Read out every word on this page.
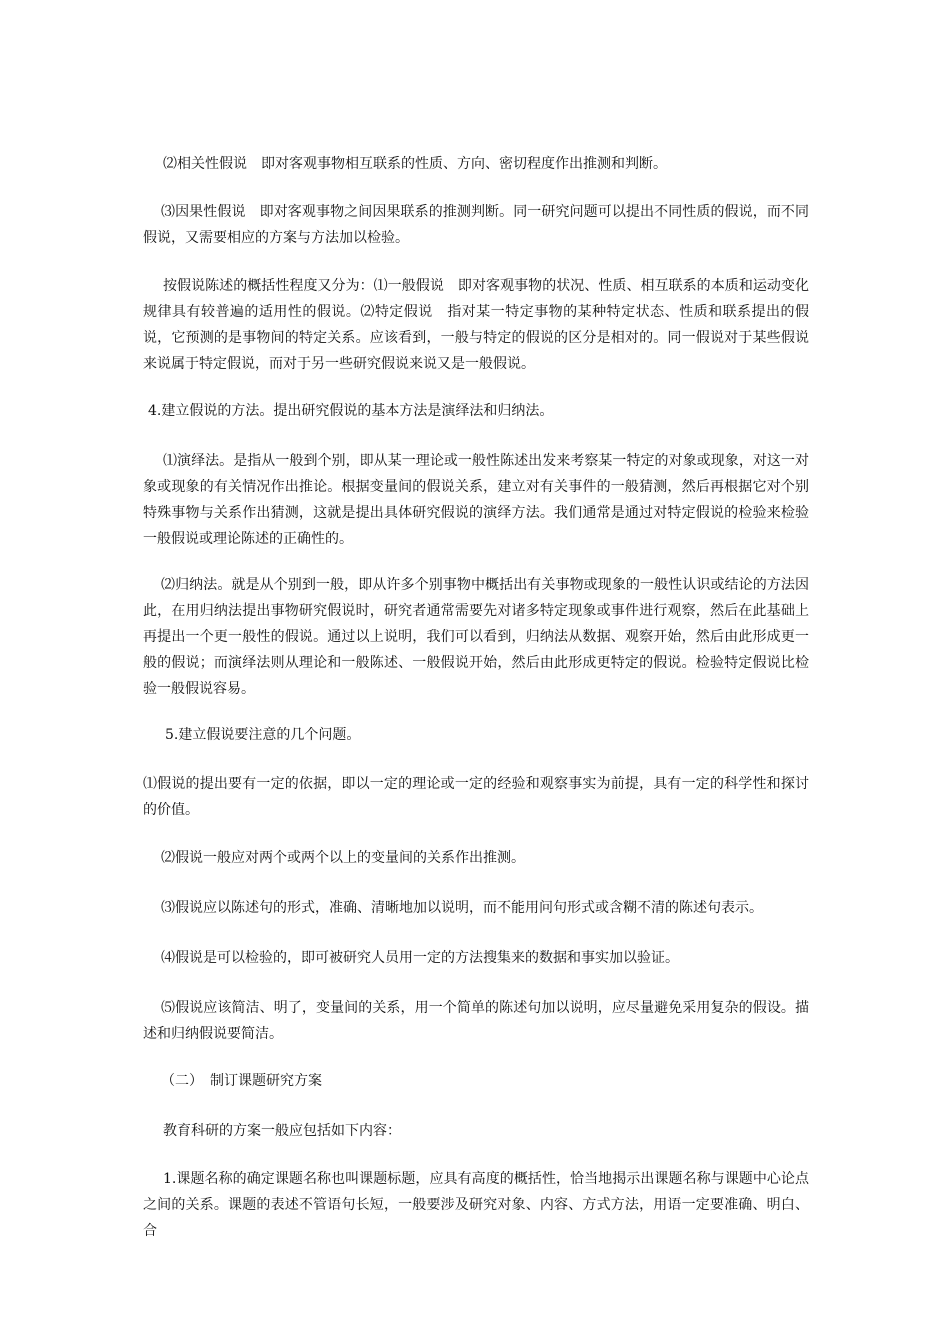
⑵相关性假说　即对客观事物相互联系的性质、方向、密切程度作出推测和判断。

⑶因果性假说　即对客观事物之间因果联系的推测判断。同一研究问题可以提出不同性质的假说，而不同假说，又需要相应的方案与方法加以检验。

按假说陈述的概括性程度又分为：⑴一般假说　即对客观事物的状况、性质、相互联系的本质和运动变化规律具有较普遍的适用性的假说。⑵特定假说　指对某一特定事物的某种特定状态、性质和联系提出的假说，它预测的是事物间的特定关系。应该看到，一般与特定的假说的区分是相对的。同一假说对于某些假说来说属于特定假说，而对于另一些研究假说来说又是一般假说。

4.建立假说的方法。提出研究假说的基本方法是演绎法和归纳法。

⑴演绎法。是指从一般到个别，即从某一理论或一般性陈述出发来考察某一特定的对象或现象，对这一对象或现象的有关情况作出推论。根据变量间的假说关系，建立对有关事件的一般猜测，然后再根据它对个别特殊事物与关系作出猜测，这就是提出具体研究假说的演绎方法。我们通常是通过对特定假说的检验来检验一般假说或理论陈述的正确性的。

⑵归纳法。就是从个别到一般，即从许多个别事物中概括出有关事物或现象的一般性认识或结论的方法因此，在用归纳法提出事物研究假说时，研究者通常需要先对诸多特定现象或事件进行观察，然后在此基础上再提出一个更一般性的假说。通过以上说明，我们可以看到，归纳法从数据、观察开始，然后由此形成更一般的假说；而演绎法则从理论和一般陈述、一般假说开始，然后由此形成更特定的假说。检验特定假说比检验一般假说容易。

5.建立假说要注意的几个问题。

⑴假说的提出要有一定的依据，即以一定的理论或一定的经验和观察事实为前提，具有一定的科学性和探讨的价值。

⑵假说一般应对两个或两个以上的变量间的关系作出推测。

⑶假说应以陈述句的形式，准确、清晰地加以说明，而不能用问句形式或含糊不清的陈述句表示。

⑷假说是可以检验的，即可被研究人员用一定的方法搜集来的数据和事实加以验证。

⑸假说应该简洁、明了，变量间的关系，用一个简单的陈述句加以说明，应尽量避免采用复杂的假设。描述和归纳假说要简洁。

（二）　制订课题研究方案

教育科研的方案一般应包括如下内容：

1.课题名称的确定课题名称也叫课题标题，应具有高度的概括性，恰当地揭示出课题名称与课题中心论点之间的关系。课题的表述不管语句长短，一般要涉及研究对象、内容、方式方法，用语一定要准确、明白、合
